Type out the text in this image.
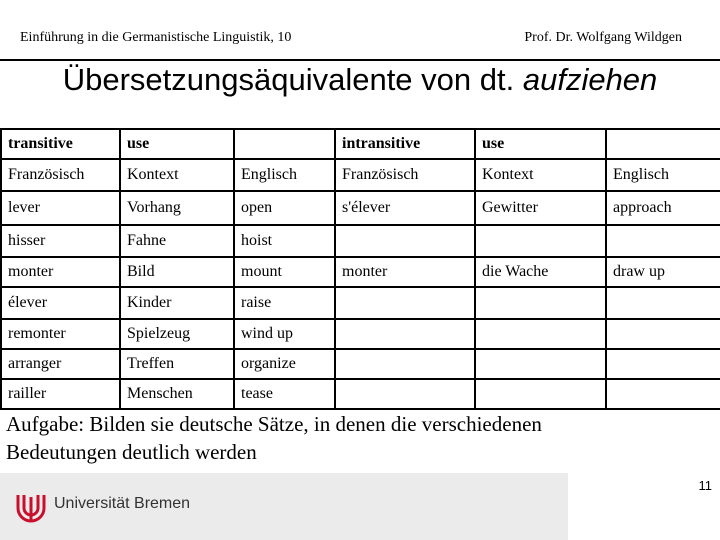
Einführung in die Germanistische Linguistik, 10	Prof. Dr. Wolfgang Wildgen
Übersetzungsäquivalente von dt. aufziehen
transitive	use		intransitive	use	
Französisch	Kontext	Englisch	Französisch	Kontext	Englisch
lever	Vorhang	open	s'élever	Gewitter	approach
hisser	Fahne	hoist			
monter	Bild	mount	monter	die Wache	draw up
élever	Kinder	raise			
remonter	Spielzeug	wind up			
arranger	Treffen	organize			
railler	Menschen	tease			
Aufgabe: Bilden sie deutsche Sätze, in denen die verschiedenen
Bedeutungen deutlich werden
Universität Bremen
11
